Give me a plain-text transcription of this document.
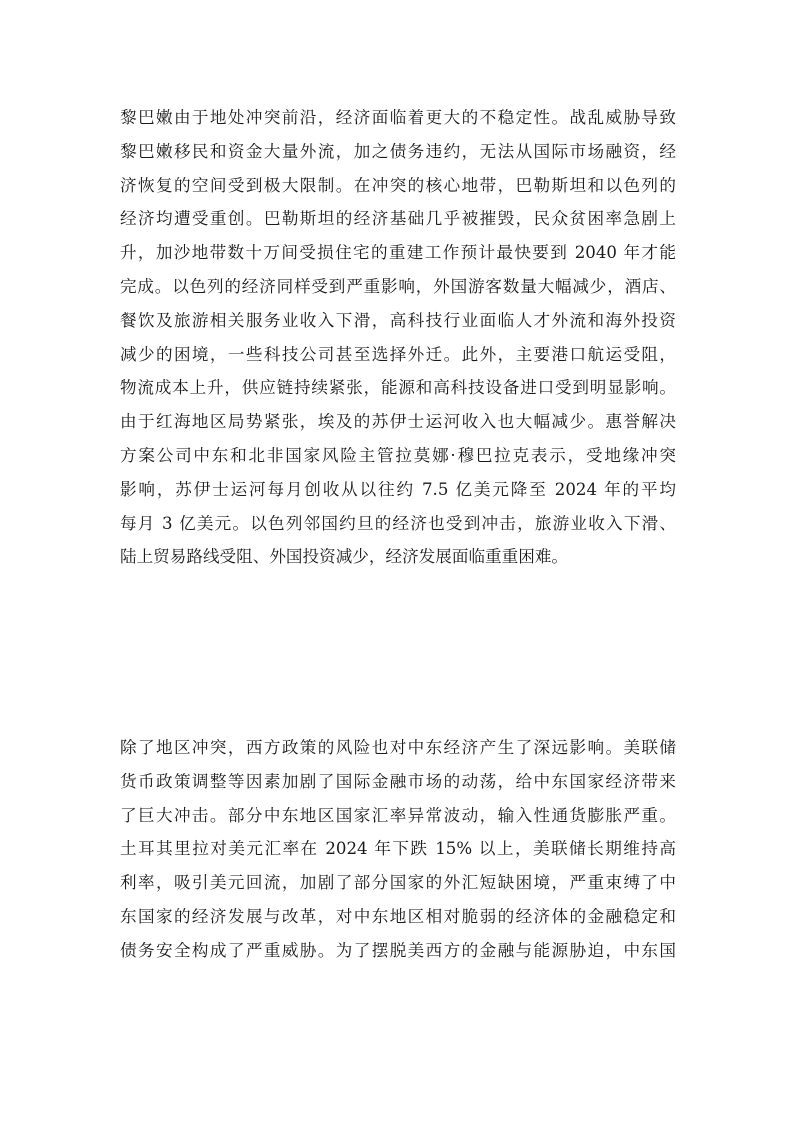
黎巴嫩由于地处冲突前沿，经济面临着更大的不稳定性。战乱威胁导致
黎巴嫩移民和资金大量外流，加之债务违约，无法从国际市场融资，经
济恢复的空间受到极大限制。在冲突的核心地带，巴勒斯坦和以色列的
经济均遭受重创。巴勒斯坦的经济基础几乎被摧毁，民众贫困率急剧上
升，加沙地带数十万间受损住宅的重建工作预计最快要到 2040 年才能
完成。以色列的经济同样受到严重影响，外国游客数量大幅减少，酒店、
餐饮及旅游相关服务业收入下滑，高科技行业面临人才外流和海外投资
减少的困境，一些科技公司甚至选择外迁。此外，主要港口航运受阻，
物流成本上升，供应链持续紧张，能源和高科技设备进口受到明显影响。
由于红海地区局势紧张，埃及的苏伊士运河收入也大幅减少。惠誉解决
方案公司中东和北非国家风险主管拉莫娜·穆巴拉克表示，受地缘冲突
影响，苏伊士运河每月创收从以往约 7.5 亿美元降至 2024 年的平均
每月 3 亿美元。以色列邻国约旦的经济也受到冲击，旅游业收入下滑、
陆上贸易路线受阻、外国投资减少，经济发展面临重重困难。
除了地区冲突，西方政策的风险也对中东经济产生了深远影响。美联储
货币政策调整等因素加剧了国际金融市场的动荡，给中东国家经济带来
了巨大冲击。部分中东地区国家汇率异常波动，输入性通货膨胀严重。
土耳其里拉对美元汇率在 2024 年下跌 15% 以上，美联储长期维持高
利率，吸引美元回流，加剧了部分国家的外汇短缺困境，严重束缚了中
东国家的经济发展与改革，对中东地区相对脆弱的经济体的金融稳定和
债务安全构成了严重威胁。为了摆脱美西方的金融与能源胁迫，中东国
